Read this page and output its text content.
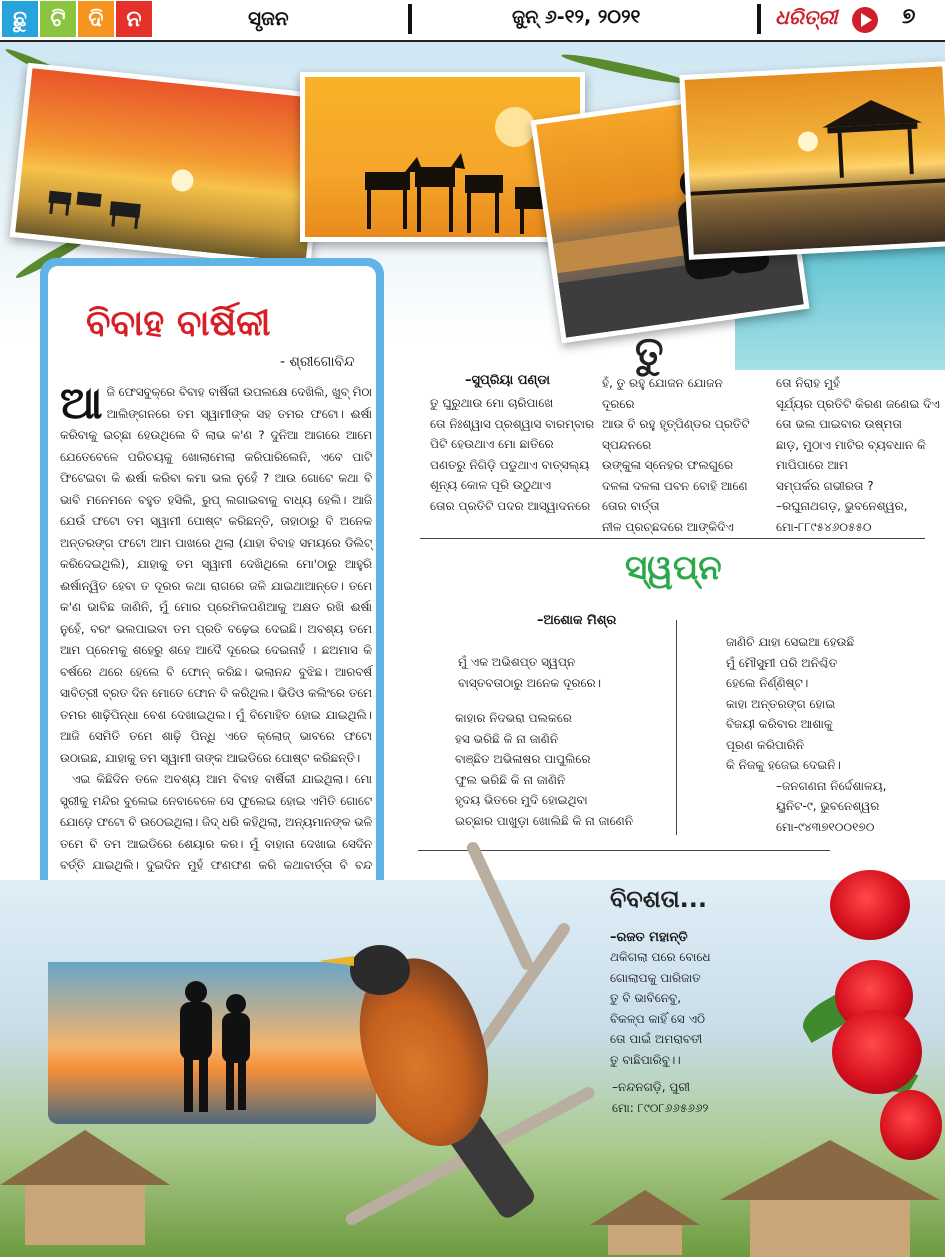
ଛୁ	ଟି	ଦି	ନ	ସୃଜନ	ଜୁନ୍ ୬-୧୨, ୨୦୨୧	ଧରିତ୍ରୀ	୭
ବିବାହ ବାର୍ଷିକୀ
- ଶ୍ରୀଗୋବିନ୍ଦ

ଆଜି ଫେସବୁକ୍‌ରେ ବିବାହ ବାର୍ଷିକୀ ଉପଲକ୍ଷେ ଦେଖିଲି, ଖୁବ୍ ମିଠା ଆଲିଙ୍ଗନରେ ତମ ସ୍ୱାମୀଙ୍କ ସହ ତମର ଫଟୋ। ଈର୍ଷା କରିବାକୁ ଇଚ୍ଛା ହେଉଥିଲେ ବି ଲାଭ କ'ଣ ? ଦୁନିଆ ଆଗରେ ଆମେ ଯେତେବେଳେ ପରିଚୟକୁ ଖୋଲାମେଲା କରିପାରିଲେନି, ଏବେ ପାଟି ଫିଟେଇବା କି ଈର୍ଷା କରିବା କମା ଭଲ ନୁହେଁ ? ଆଉ ଗୋଟେ କଥା ବି ଭାବି ମନେମନେ ବହୁତ ହସିଲି, ରୁପ୍ ଲଗାଇବାକୁ ବାଧ୍ୟ ହେଲି। ଆଜି ଯେଉଁ ଫଟୋ ତମ ସ୍ୱାମୀ ପୋଷ୍ଟ କରିଛନ୍ତି, ତାହାଠାରୁ ବି ଅନେକ ଅନ୍ତରଙ୍ଗ ଫଟୋ ଆମ ପାଖରେ ଥିଲା (ଯାହା ବିବାହ ସମୟରେ ଡିଲିଟ୍ କରିଦେଇଥିଲି), ଯାହାକୁ ତମ ସ୍ୱାମୀ ଦେଖିଥିଲେ ମୋ'ଠାରୁ ଆହୁରି ଈର୍ଷାନ୍ୱିତ ହେବା ତ ଦୂରର କଥା ରାଗରେ ଜଳି ଯାଇଥାଆନ୍ତେ। ତମେ କ'ଣ ଭାବିଛ ଜାଣିନି, ମୁଁ ମୋର ପ୍ରେମିକପଣିଆକୁ ଅକ୍ଷତ ରଖି ଈର୍ଷା ନୁହେଁ, ବରଂ ଭଲପାଇବା ତମ ପ୍ରତି ବଢ଼େଇ ଦେଇଛି। ଅବଶ୍ୟ ତମେ ଆମ ପ୍ରେମକୁ ଶହେରୁ ଶହେ ଆଦୈ ଦୂରେଇ ଦେଇନାହଁ । ଛଅମାସ କି ବର୍ଷରେ ଥରେ ହେଲେ ବି ଫୋନ୍ କରିଛ। ଭଲାନନ୍ଦ ବୁଝିଛ। ଆରବର୍ଷ ସାବିତ୍ରୀ ବ୍ରତ ଦିନ ମୋତେ ଫୋନ ବି କରିଥିଲ। ଭିଡିଓ କଲିଂରେ ତମେ ତମର ଶାଢ଼ିପିନ୍ଧା ବେଶ ଦେଖାଇଥିଲ। ମୁଁ ବିମୋହିତ ହୋଇ ଯାଇଥିଲି। ଆଜି ସେମିତି ତମେ ଶାଢ଼ି ପିନ୍ଧି ଏତେ କ୍ଲୋଜ୍ ଭାବରେ ଫଟୋ ଉଠାଇଛ, ଯାହାକୁ ତମ ସ୍ୱାମୀ ତାଙ୍କ ଆଇଡିରେ ପୋଷ୍ଟ କରିଛନ୍ତି।

ଏଇ କିଛିଦିନ ତଳେ ଅବଶ୍ୟ ଆମ ବିବାହ ବାର୍ଷିକୀ ଯାଇଥିଲା। ମୋ ସ୍ତ୍ରୀକୁ ମନ୍ଦିର ବୁଲେଇ ନେବାବେଳେ ସେ ଫୁଲେଇ ହୋଇ ଏମିତି ଗୋଟେ ଯୋଡ଼େ ଫଟୋ ବି ଉଠେଇଥିଲା। ଜିଦ୍ ଧରି କହିଥିଲା, ଅନ୍ୟମାନଙ୍କ ଭଳି ତମେ ବି ତମ ଆଇଡିରେ ଶେୟାର କର। ମୁଁ ବାହାନା ଦେଖାଇ ସେଦିନ ବର୍ତ୍ତି ଯାଇଥିଲି। ଦୁଇଦିନ ମୁହଁ ଫଣଫଣ କରି କଥାବାର୍ତ୍ତା ବି ବନ୍ଦ

ତୁ
–ସୁପ୍ରିୟା ପଣ୍ଡା
ତୁ ଘୁରୁଥାଉ ମୋ ଚାରିପାଖେ
ତୋ ନିଃଶ୍ୱାସ ପ୍ରଶ୍ୱାସ ବାରମ୍ବାର
ପିଟି ହେଉଥାଏ ମୋ ଛାତିରେ
ପଣତରୁ ନିଗିଡ଼ି ପଡୁଥାଏ ବାତ୍ସଲ୍ୟ
ଶୂନ୍ୟ କୋଳ ପୂରି ଉଠୁଥାଏ
ତୋର ପ୍ରତିଟି ପଦର ଆସ୍ୱାଦନରେ
ହଁ, ତୁ ରହୁ ଯୋଜନ ଯୋଜନ
ଦୂରରେ
ଆଉ ବି ରହୁ ହୃତ୍‌ପିଣ୍ଡର ପ୍ରତିଟି
ସ୍ପନ୍ଦନରେ
ଉଙ୍କୁଳା ସ୍ନେହର ଫଲଗୁରେ
ଦଳଳା ଦଳଳା ପବନ ବୋହି ଆଣେ
ତୋର ବାର୍ତ୍ତା
ନୀଳ ପ୍ରଚ୍ଛଦରେ ଆଙ୍କିଦିଏ
ତୋ ନିରାହ ମୁହଁ
ସୂର୍ଯ୍ୟର ପ୍ରତିଟି କିରଣ ଜଣେଇ ଦିଏ
ତୋ ଭଲ ପାଇବାର ଉଷ୍ମତା
ଛାଡ଼, ମୁଠାଏ ମାଟିର ବ୍ୟବଧାନ କି
ମାପିପାରେ ଆମ
ସମ୍ପର୍କର ଗଭୀରତା ?
–ରଘୁନାଥଗଡ଼, ଭୁବନେଶ୍ୱର,
ମୋ-୮୮୯୫୪୬୦୫୫୦
ସ୍ୱପ୍ନ
–ଅଶୋକ ମିଶ୍ର
ମୁଁ ଏକ ଅଭିଶପ୍ତ ସ୍ୱପ୍ନ
ବାସ୍ତବତାଠାରୁ ଅନେକ ଦୂରରେ।
କାହାର ନିଦଭରା ପଲକରେ
ହସ ଭରିଛି କି ନା ଜାଣିନି
ବାଞ୍ଛିତ ଅଭିଳାଷର ପାପୁଲିରେ
ଫୁଲ ଭରିଛି କି ନା ଜାଣିନି
ହୃଦୟ ଭିତରେ ମୁଦି ହୋଇଥିବା
ଇଚ୍ଛାର ପାଖୁଡ଼ା ଖୋଲିଛି କି ନା ଜାଣେନି
ଜାଣିଚି ଯାହା ସେଇଆ ହେଉଛି
ମୁଁ ମୌସୁମୀ ପରି ଅନିଶ୍ଚିତ
ହେଲେ ନିର୍ଣ୍ଣିଷ୍ଟ।
କାହା ଅନ୍ତରଙ୍ଗ ହୋଇ
ବିଜୟୀ କରିବାର ଆଶାକୁ
ପୂରଣ କରିପାରିନି
କି ନିଜକୁ ହଜେଇ ଦେଇନି।
–ଜନଗଣନା ନିର୍ଦ୍ଦେଶାଳୟ,
ୟୁନିଟ-୯, ଭୁବନେଶ୍ୱର
ମୋ-୯୪୩୭୧୦୦୧୭୦
ବିବଶତା...
–ରଜତ ମହାନ୍ତି
ଥକିଗଲା ପରେ ବୋଧେ
ଗୋଲାପକୁ ପାରିଜାତ
ତୁ ବି ଭାବିନେବୁ,
ବିକଳ୍ପ କାହିଁ ସେ ଏଠି
ତୋ ପାଇଁ ଅମରାବତୀ
ତୁ ବାଛିପାରିବୁ।।
–ନନ୍ଦନଗଡ଼ି, ପୁରୀ
ମୋ: ୮୯୦୮୬୬୫୬୬୨
